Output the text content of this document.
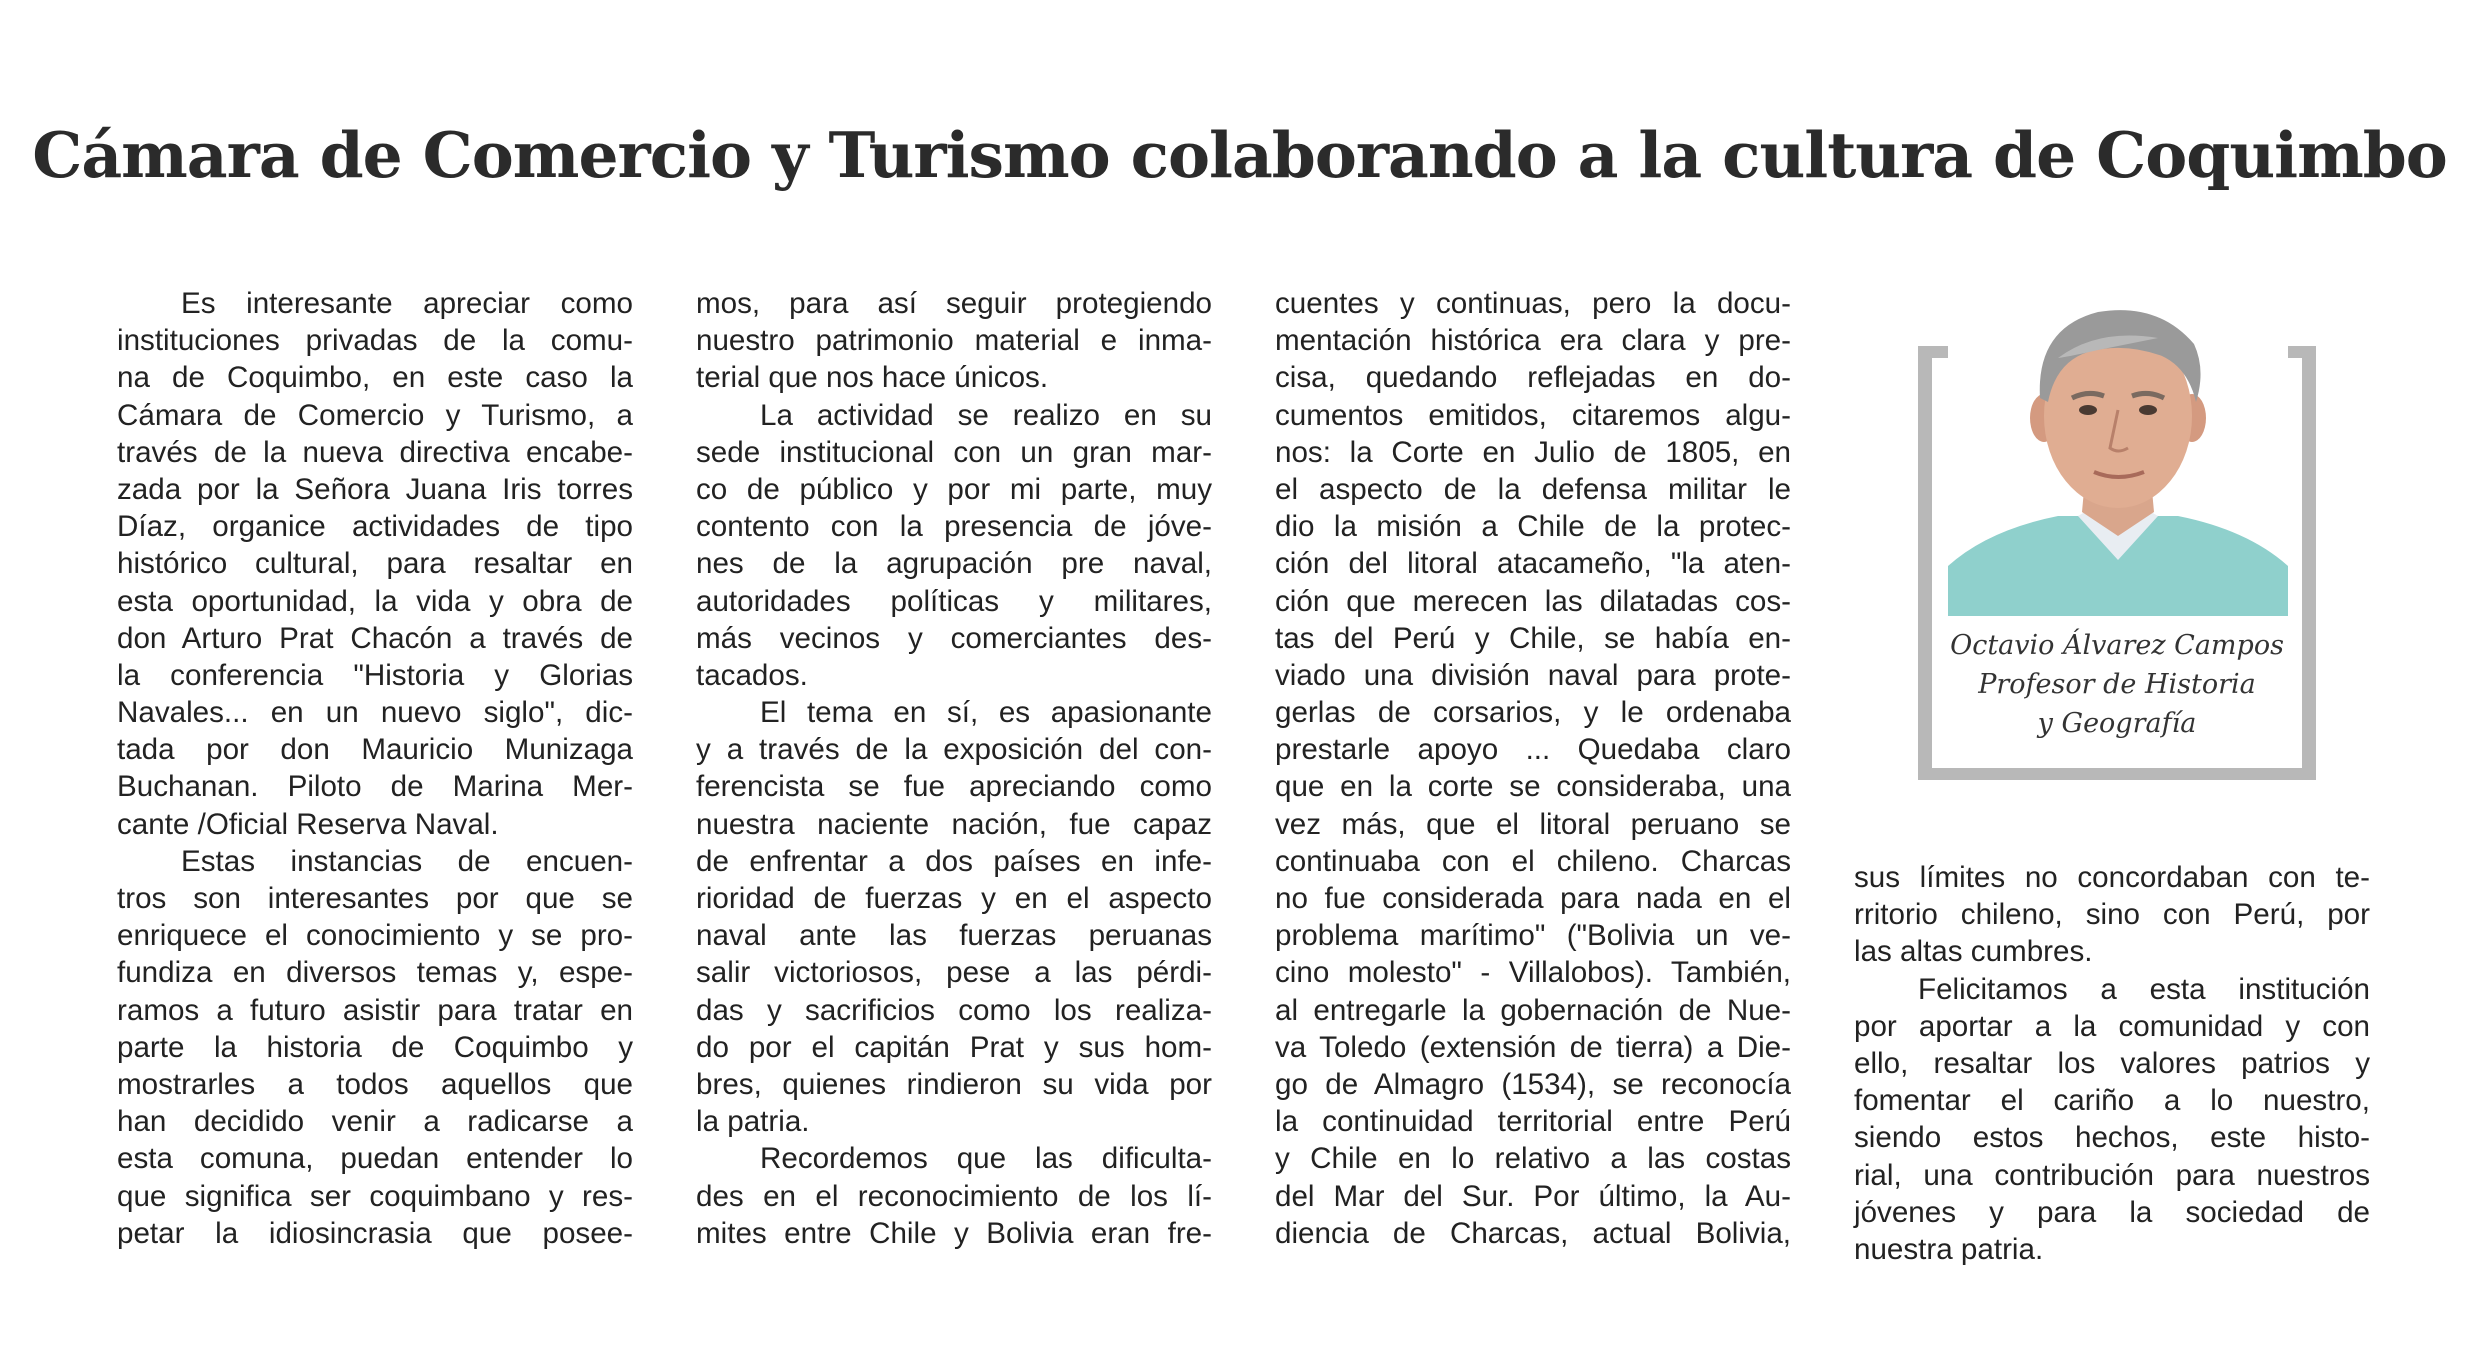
Cámara de Comercio y Turismo colaborando a la cultura de Coquimbo

Es interesante apreciar como
instituciones privadas de la comu-
na de Coquimbo, en este caso la
Cámara de Comercio y Turismo, a
través de la nueva directiva encabe-
zada por la Señora Juana Iris torres
Díaz, organice actividades de tipo
histórico cultural, para resaltar en
esta oportunidad, la vida y obra de
don Arturo Prat Chacón a través de
la conferencia "Historia y Glorias
Navales... en un nuevo siglo", dic-
tada por don Mauricio Munizaga
Buchanan. Piloto de Marina Mer-
cante /Oficial Reserva Naval.

Estas instancias de encuen-
tros son interesantes por que se
enriquece el conocimiento y se pro-
fundiza en diversos temas y, espe-
ramos a futuro asistir para tratar en
parte la historia de Coquimbo y
mostrarles a todos aquellos que
han decidido venir a radicarse a
esta comuna, puedan entender lo
que significa ser coquimbano y res-
petar la idiosincrasia que posee-

mos, para así seguir protegiendo
nuestro patrimonio material e inma-
terial que nos hace únicos.

La actividad se realizo en su
sede institucional con un gran mar-
co de público y por mi parte, muy
contento con la presencia de jóve-
nes de la agrupación pre naval,
autoridades políticas y militares,
más vecinos y comerciantes des-
tacados.

El tema en sí, es apasionante
y a través de la exposición del con-
ferencista se fue apreciando como
nuestra naciente nación, fue capaz
de enfrentar a dos países en infe-
rioridad de fuerzas y en el aspecto
naval ante las fuerzas peruanas
salir victoriosos, pese a las pérdi-
das y sacrificios como los realiza-
do por el capitán Prat y sus hom-
bres, quienes rindieron su vida por
la patria.

Recordemos que las dificulta-
des en el reconocimiento de los lí-
mites entre Chile y Bolivia eran fre-

cuentes y continuas, pero la docu-
mentación histórica era clara y pre-
cisa, quedando reflejadas en do-
cumentos emitidos, citaremos algu-
nos: la Corte en Julio de 1805, en
el aspecto de la defensa militar le
dio la misión a Chile de la protec-
ción del litoral atacameño, "la aten-
ción que merecen las dilatadas cos-
tas del Perú y Chile, se había en-
viado una división naval para prote-
gerlas de corsarios, y le ordenaba
prestarle apoyo ... Quedaba claro
que en la corte se consideraba, una
vez más, que el litoral peruano se
continuaba con el chileno. Charcas
no fue considerada para nada en el
problema marítimo" ("Bolivia un ve-
cino molesto" - Villalobos). También,
al entregarle la gobernación de Nue-
va Toledo (extensión de tierra) a Die-
go de Almagro (1534), se reconocía
la continuidad territorial entre Perú
y Chile en lo relativo a las costas
del Mar del Sur. Por último, la Au-
diencia de Charcas, actual Bolivia,

sus límites no concordaban con te-
rritorio chileno, sino con Perú, por
las altas cumbres.

Felicitamos a esta institución
por aportar a la comunidad y con
ello, resaltar los valores patrios y
fomentar el cariño a lo nuestro,
siendo estos hechos, este histo-
rial, una contribución para nuestros
jóvenes y para la sociedad de
nuestra patria.

Octavio Álvarez Campos
Profesor de Historia
y Geografía
